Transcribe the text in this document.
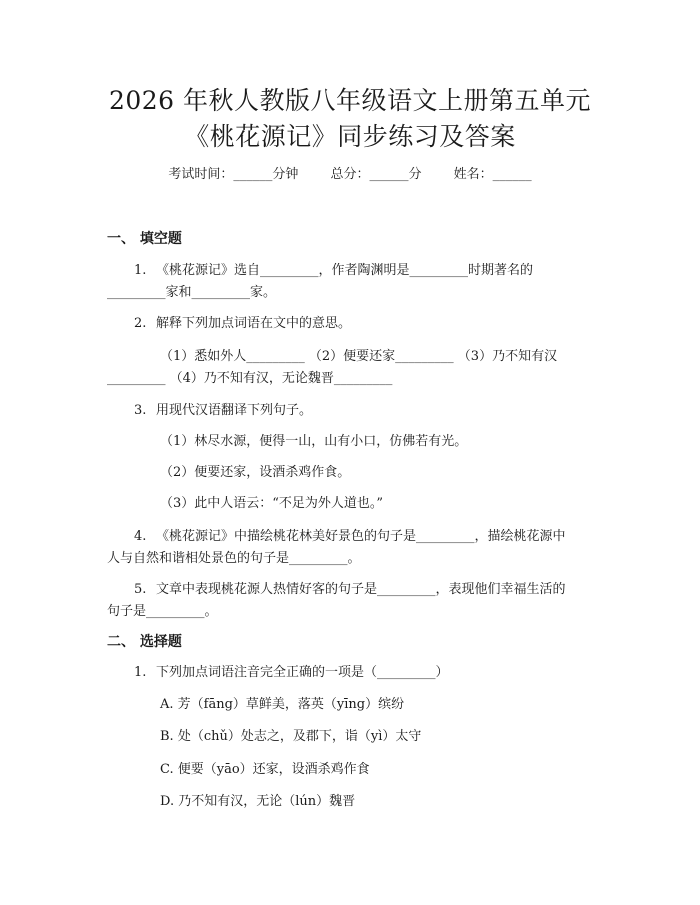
2026 年秋人教版八年级语文上册第五单元
《桃花源记》同步练习及答案
考试时间：______分钟 总分：______分 姓名：______
一、 填空题
1. 《桃花源记》选自_________，作者陶渊明是_________时期著名的
_________家和_________家。
2. 解释下列加点词语在文中的意思。
（1）悉如外人_________ （2）便要还家_________ （3）乃不知有汉
_________ （4）乃不知有汉，无论魏晋_________
3. 用现代汉语翻译下列句子。
（1）林尽水源，便得一山，山有小口，仿佛若有光。
（2）便要还家，设酒杀鸡作食。
（3）此中人语云：“不足为外人道也。”
4. 《桃花源记》中描绘桃花林美好景色的句子是_________，描绘桃花源中
人与自然和谐相处景色的句子是_________。
5. 文章中表现桃花源人热情好客的句子是_________，表现他们幸福生活的
句子是_________。
二、 选择题
1. 下列加点词语注音完全正确的一项是（_________）
A. 芳（fāng）草鲜美，落英（yīng）缤纷
B. 处（chǔ）处志之，及郡下，诣（yì）太守
C. 便要（yāo）还家，设酒杀鸡作食
D. 乃不知有汉，无论（lún）魏晋
